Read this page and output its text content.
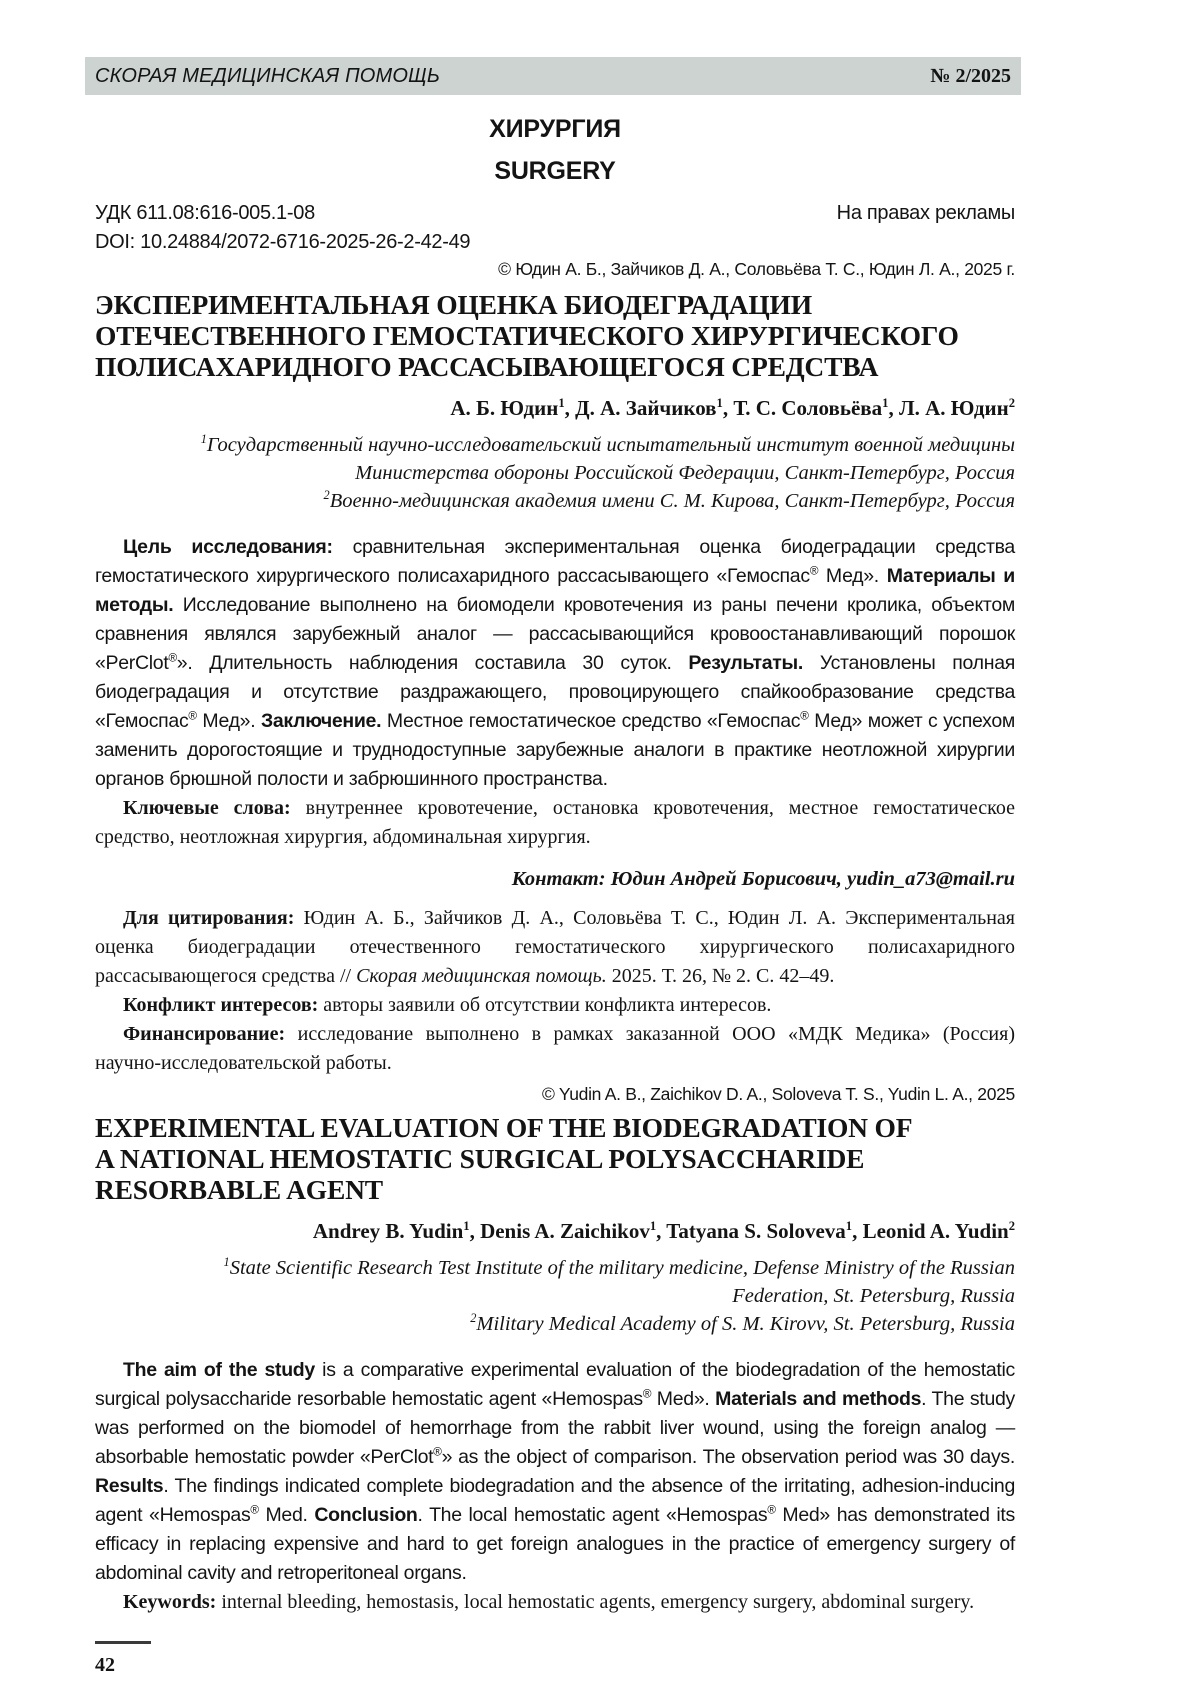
СКОРАЯ МЕДИЦИНСКАЯ ПОМОЩЬ	№ 2/2025
ХИРУРГИЯ
SURGERY
УДК 611.08:616-005.1-08	На правах рекламы
DOI: 10.24884/2072-6716-2025-26-2-42-49
© Юдин А. Б., Зайчиков Д. А., Соловьёва Т. С., Юдин Л. А., 2025 г.
ЭКСПЕРИМЕНТАЛЬНАЯ ОЦЕНКА БИОДЕГРАДАЦИИ
ОТЕЧЕСТВЕННОГО ГЕМОСТАТИЧЕСКОГО ХИРУРГИЧЕСКОГО
ПОЛИСАХАРИДНОГО РАССАСЫВАЮЩЕГОСЯ СРЕДСТВА

А. Б. Юдин$^1$, Д. А. Зайчиков$^1$, Т. С. Соловьёва$^1$, Л. А. Юдин$^2$

$^1$Государственный научно-исследовательский испытательный институт военной медицины
Министерства обороны Российской Федерации, Санкт-Петербург, Россия
$^2$Военно-медицинская академия имени С. М. Кирова, Санкт-Петербург, Россия

Цель исследования: сравнительная экспериментальная оценка биодеградации средства гемостатического хирургического полисахаридного рассасывающего «Гемоспас® Мед». Материалы и методы. Исследование выполнено на биомодели кровотечения из раны печени кролика, объектом сравнения являлся зарубежный аналог — рассасывающийся кровоостанавливающий порошок «PerClot®». Длительность наблюдения составила 30 суток. Результаты. Установлены полная биодеградация и отсутствие раздражающего, провоцирующего спайкообразование средства «Гемоспас® Мед». Заключение. Местное гемостатическое средство «Гемоспас® Мед» может с успехом заменить дорогостоящие и труднодоступные зарубежные аналоги в практике неотложной хирургии органов брюшной полости и забрюшинного пространства.

Ключевые слова: внутреннее кровотечение, остановка кровотечения, местное гемостатическое средство, неотложная хирургия, абдоминальная хирургия.

Контакт: Юдин Андрей Борисович, yudin_a73@mail.ru

Для цитирования: Юдин А. Б., Зайчиков Д. А., Соловьёва Т. С., Юдин Л. А. Экспериментальная оценка биодеградации отечественного гемостатического хирургического полисахаридного рассасывающегося средства // Скорая медицинская помощь. 2025. Т. 26, № 2. С. 42–49.

Конфликт интересов: авторы заявили об отсутствии конфликта интересов.

Финансирование: исследование выполнено в рамках заказанной ООО «МДК Медика» (Россия) научно-исследовательской работы.

© Yudin A. B., Zaichikov D. A., Soloveva T. S., Yudin L. A., 2025
EXPERIMENTAL EVALUATION OF THE BIODEGRADATION OF
A NATIONAL HEMOSTATIC SURGICAL POLYSACCHARIDE
RESORBABLE AGENT

Andrey B. Yudin$^1$, Denis A. Zaichikov$^1$, Tatyana S. Soloveva$^1$, Leonid A. Yudin$^2$

$^1$State Scientific Research Test Institute of the military medicine, Defense Ministry of the Russian
Federation, St. Petersburg, Russia
$^2$Military Medical Academy of S. M. Kirovv, St. Petersburg, Russia

The aim of the study is a comparative experimental evaluation of the biodegradation of the hemostatic surgical polysaccharide resorbable hemostatic agent «Hemospas® Med». Materials and methods. The study was performed on the biomodel of hemorrhage from the rabbit liver wound, using the foreign analog — absorbable hemostatic powder «PerClot®» as the object of comparison. The observation period was 30 days. Results. The findings indicated complete biodegradation and the absence of the irritating, adhesion-inducing agent «Hemospas® Med. Conclusion. The local hemostatic agent «Hemospas® Med» has demonstrated its efficacy in replacing expensive and hard to get foreign analogues in the practice of emergency surgery of abdominal cavity and retroperitoneal organs.

Keywords: internal bleeding, hemostasis, local hemostatic agents, emergency surgery, abdominal surgery.

42
